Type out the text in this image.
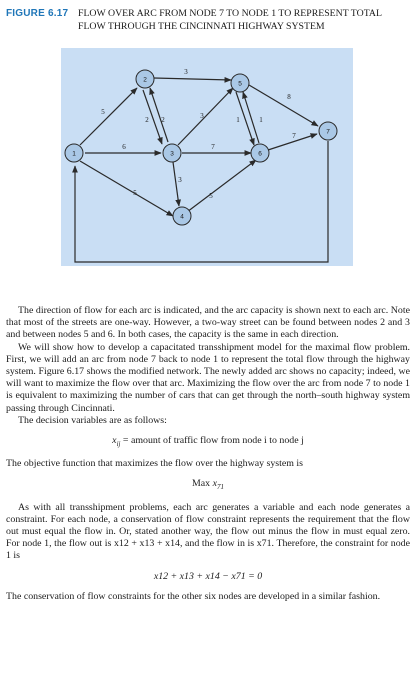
FIGURE 6.17 FLOW OVER ARC FROM NODE 7 TO NODE 1 TO REPRESENT TOTAL FLOW THROUGH THE CINCINNATI HIGHWAY SYSTEM
1
2
3
4
5
6
7
5
6
5
2 2
3
3
7
3
5
1	1
8
7

The direction of flow for each arc is indicated, and the arc capacity is shown next to each arc. Note that most of the streets are one-way. However, a two-way street can be found between nodes 2 and 3 and between nodes 5 and 6. In both cases, the capacity is the same in each direction.

We will show how to develop a capacitated transshipment model for the maximal flow problem. First, we will add an arc from node 7 back to node 1 to represent the total flow through the highway system. Figure 6.17 shows the modified network. The newly added arc shows no capacity; indeed, we will want to maximize the flow over that arc. Maximizing the flow over the arc from node 7 to node 1 is equivalent to maximizing the number of cars that can get through the north–south highway system passing through Cincinnati.

The decision variables are as follows:

$x_{ij}$ = amount of traffic flow from node i to node j

The objective function that maximizes the flow over the highway system is

Max $x_{71}$

As with all transshipment problems, each arc generates a variable and each node generates a constraint. For each node, a conservation of flow constraint represents the requirement that the flow out must equal the flow in. Or, stated another way, the flow out minus the flow in must equal zero. For node 1, the flow out is x12 + x13 + x14, and the flow in is x71. Therefore, the constraint for node 1 is

x12 + x13 + x14 − x71 = 0

The conservation of flow constraints for the other six nodes are developed in a similar fashion.
